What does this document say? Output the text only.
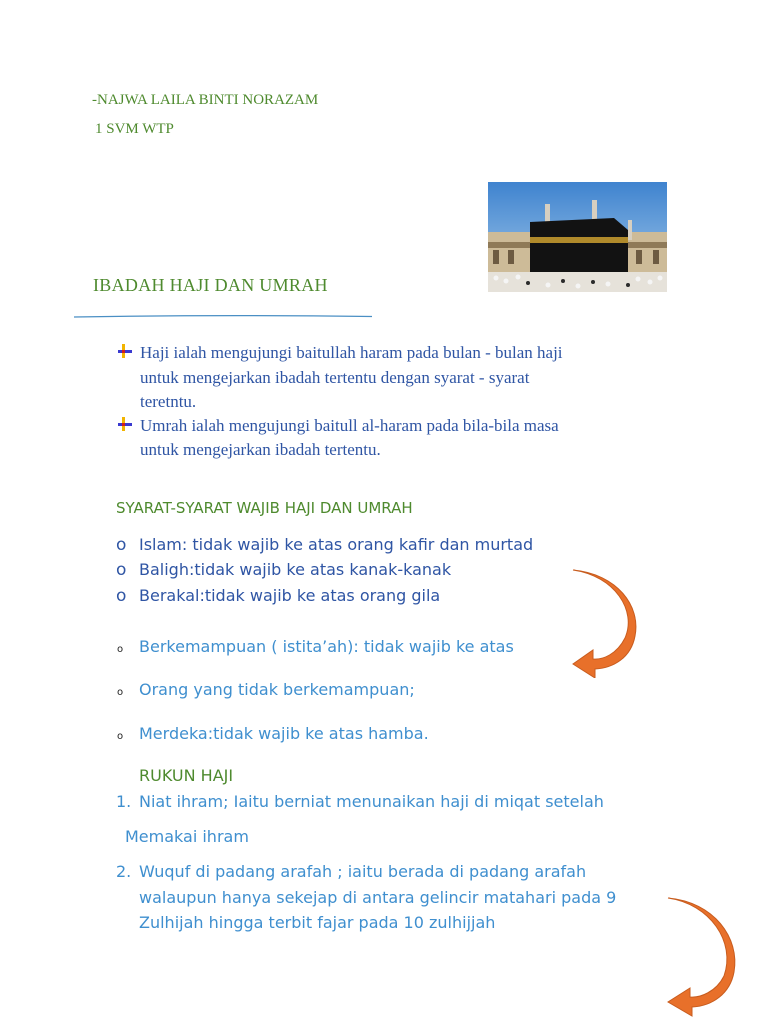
-NAJWA LAILA BINTI NORAZAM
1 SVM WTP
IBADAH HAJI DAN UMRAH
Haji ialah mengujungi baitullah haram pada bulan - bulan haji
untuk mengejarkan ibadah tertentu dengan syarat - syarat
teretntu.
Umrah ialah mengujungi baitull al-haram pada bila-bila masa
untuk mengejarkan ibadah tertentu.
SYARAT-SYARAT WAJIB HAJI DAN UMRAH
o Islam: tidak wajib ke atas orang kafir dan murtad
o Baligh:tidak wajib ke atas kanak-kanak
o Berakal:tidak wajib ke atas orang gila
o Berkemampuan ( istita’ah): tidak wajib ke atas
o Orang yang tidak berkemampuan;
o Merdeka:tidak wajib ke atas hamba.
RUKUN HAJI
1. Niat ihram; Iaitu berniat menunaikan haji di miqat setelah
Memakai ihram
2. Wuquf di padang arafah ; iaitu berada di padang arafah
walaupun hanya sekejap di antara gelincir matahari pada 9
Zulhijah hingga terbit fajar pada 10 zulhijjah
